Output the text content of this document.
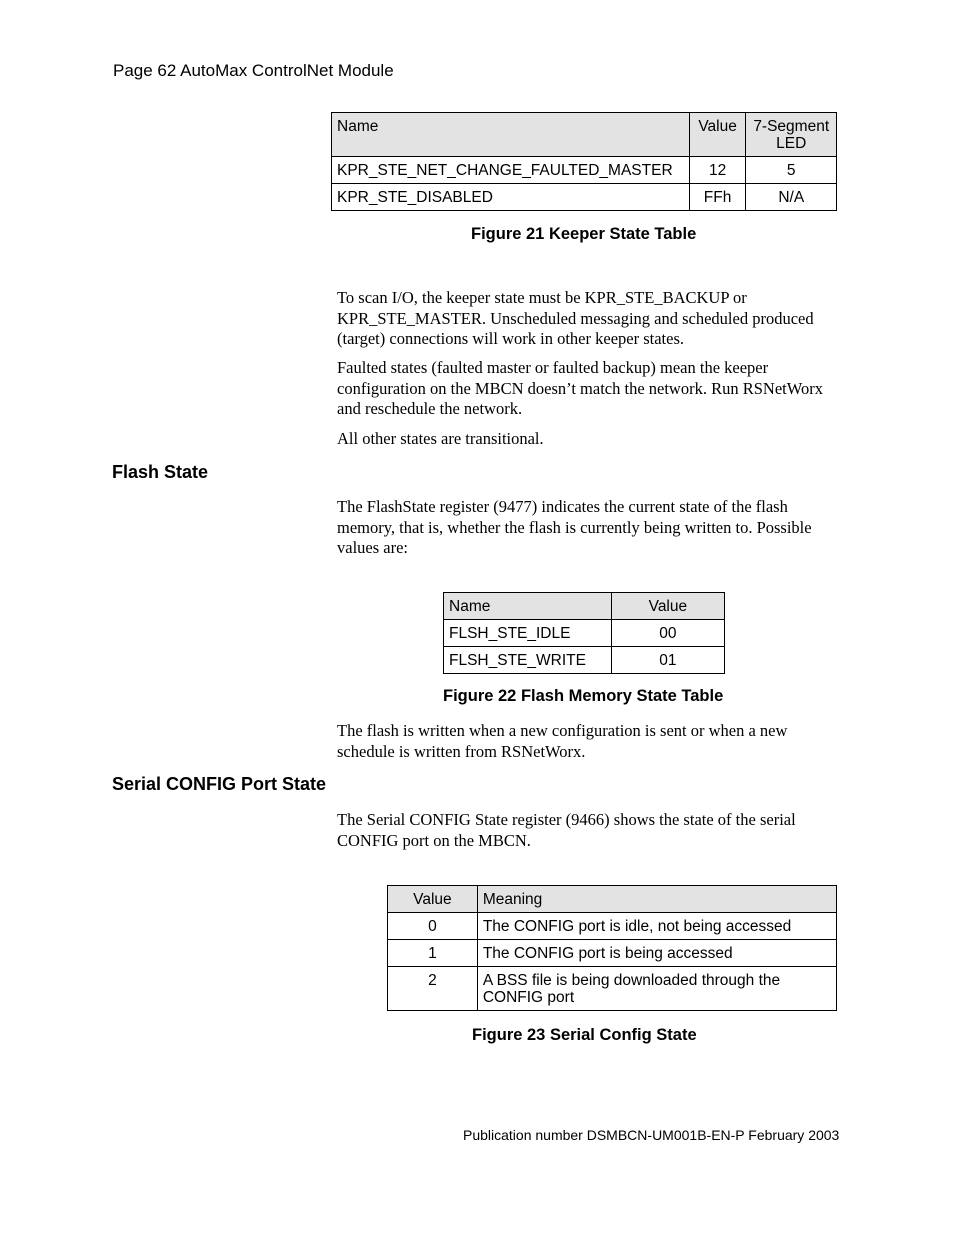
Page 62 AutoMax ControlNet Module
Name	Value	7-Segment LED
KPR_STE_NET_CHANGE_FAULTED_MASTER	12	5
KPR_STE_DISABLED	FFh	N/A
Figure 21 Keeper State Table
To scan I/O, the keeper state must be KPR_STE_BACKUP or KPR_STE_MASTER. Unscheduled messaging and scheduled produced (target) connections will work in other keeper states.
Faulted states (faulted master or faulted backup) mean the keeper configuration on the MBCN doesn’t match the network. Run RSNetWorx and reschedule the network.
All other states are transitional.
Flash State
The FlashState register (9477) indicates the current state of the flash memory, that is, whether the flash is currently being written to. Possible values are:
Name	Value
FLSH_STE_IDLE	00
FLSH_STE_WRITE	01
Figure 22 Flash Memory State Table
The flash is written when a new configuration is sent or when a new schedule is written from RSNetWorx.
Serial CONFIG Port State
The Serial CONFIG State register (9466) shows the state of the serial CONFIG port on the MBCN.
Value	Meaning
0	The CONFIG port is idle, not being accessed
1	The CONFIG port is being accessed
2	A BSS file is being downloaded through the CONFIG port
Figure 23 Serial Config State
Publication number DSMBCN-UM001B-EN-P February 2003
